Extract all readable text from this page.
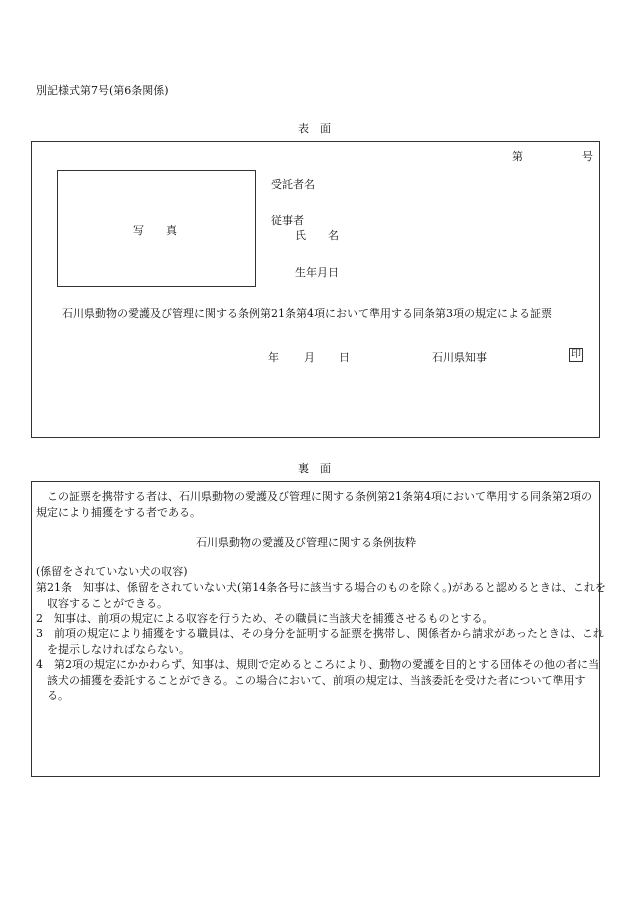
別記様式第7号(第6条関係)
表　面
第	号
写　　真
受託者名
従事者
氏　　名
生年月日
石川県動物の愛護及び管理に関する条例第21条第4項において準用する同条第3項の規定による証票
年 月 日	石川県知事	印
裏　面
この証票を携帯する者は、石川県動物の愛護及び管理に関する条例第21条第4項において準用する同条第2項の規定により捕獲をする者である。
石川県動物の愛護及び管理に関する条例抜粋
(係留をされていない犬の収容)
第21条　知事は、係留をされていない犬(第14条各号に該当する場合のものを除く。)があると認めるときは、これを収容することができる。
2　知事は、前項の規定による収容を行うため、その職員に当該犬を捕獲させるものとする。
3　前項の規定により捕獲をする職員は、その身分を証明する証票を携帯し、関係者から請求があったときは、これを提示しなければならない。
4　第2項の規定にかかわらず、知事は、規則で定めるところにより、動物の愛護を目的とする団体その他の者に当該犬の捕獲を委託することができる。この場合において、前項の規定は、当該委託を受けた者について準用する。
